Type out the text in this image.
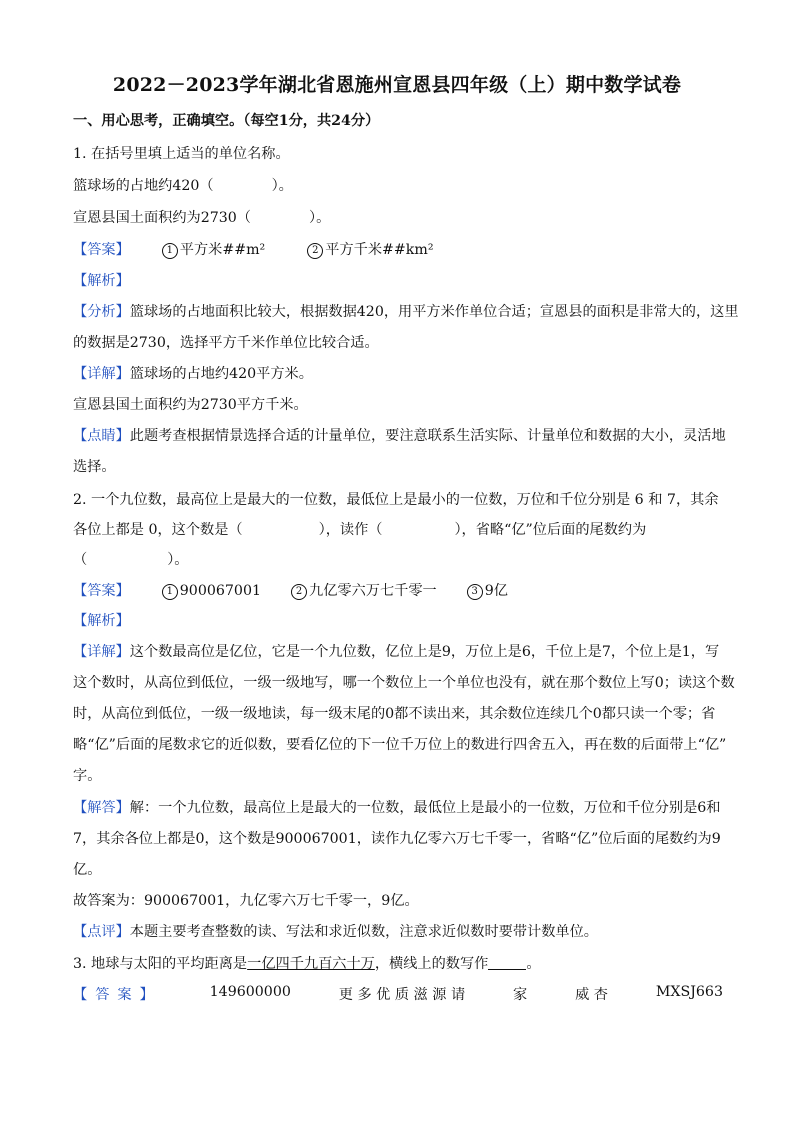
2022－2023学年湖北省恩施州宣恩县四年级（上）期中数学试卷
一、用心思考，正确填空。（每空1分，共24分）
1. 在括号里填上适当的单位名称。
篮球场的占地约420（	）。
宣恩县国土面积约为2730（	）。
【答案】	1 平方米##m²	2 平方千米##km²
【解析】
【分析】篮球场的占地面积比较大，根据数据420，用平方米作单位合适；宣恩县的面积是非常大的，这里
的数据是2730，选择平方千米作单位比较合适。
【详解】篮球场的占地约420平方米。
宣恩县国土面积约为2730平方千米。
【点睛】此题考查根据情景选择合适的计量单位，要注意联系生活实际、计量单位和数据的大小，灵活地
选择。
2. 一个九位数，最高位上是最大的一位数，最低位上是最小的一位数，万位和千位分别是 6 和 7，其余
各位上都是 0，这个数是（	），读作（	），省略“亿”位后面的尾数约为
（	）。
【答案】	1 900067001	2 九亿零六万七千零一	3 9亿
【解析】
【详解】这个数最高位是亿位，它是一个九位数，亿位上是9，万位上是6，千位上是7，个位上是1，写
这个数时，从高位到低位，一级一级地写，哪一个数位上一个单位也没有，就在那个数位上写0；读这个数
时，从高位到低位，一级一级地读，每一级末尾的0都不读出来，其余数位连续几个0都只读一个零；省
略“亿”后面的尾数求它的近似数，要看亿位的下一位千万位上的数进行四舍五入，再在数的后面带上“亿”
字。
【解答】解：一个九位数，最高位上是最大的一位数，最低位上是最小的一位数，万位和千位分别是6和
7，其余各位上都是0，这个数是900067001，读作九亿零六万七千零一，省略“亿”位后面的尾数约为9
亿。
故答案为：900067001，九亿零六万七千零一，9亿。
【点评】本题主要考查整数的读、写法和求近似数，注意求近似数时要带计数单位。
3. 地球与太阳的平均距离是一亿四千九百六十万，横线上的数写作	。
【答案】	149600000	更 多 优 质 滋 源 请	家	威 杏	MXSJ663
